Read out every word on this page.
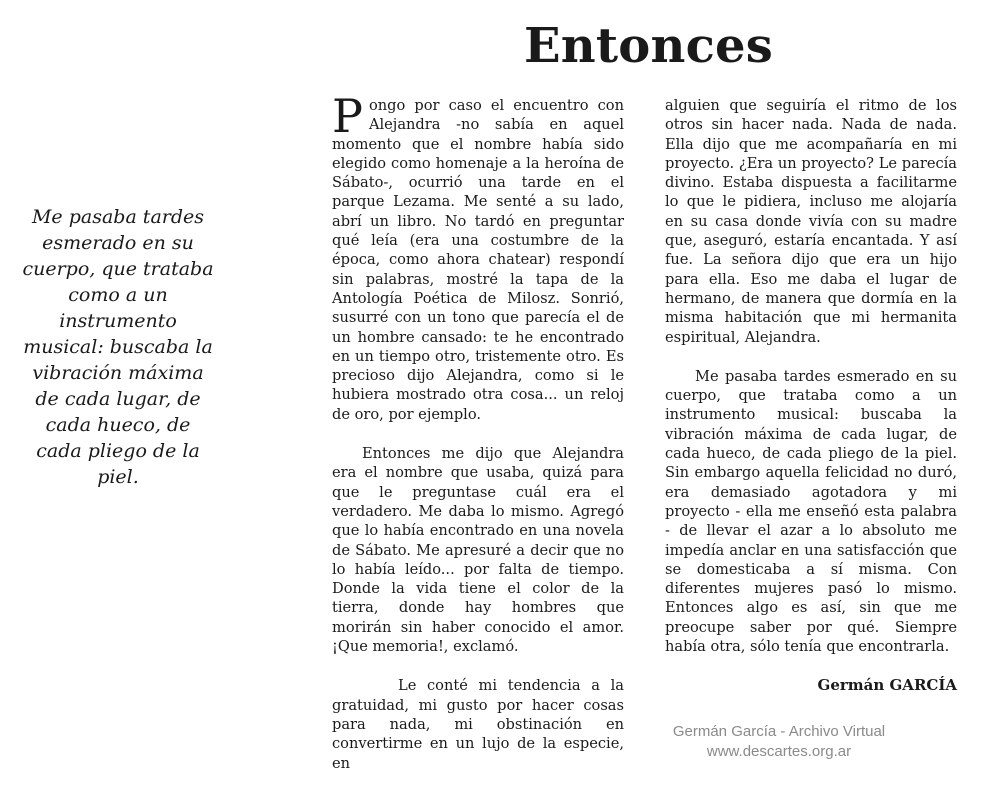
Entonces
Me pasaba tardes esmerado en su cuerpo, que trataba como a un instrumento musical: buscaba la vibración máxima de cada lugar, de cada hueco, de cada pliego de la piel.

Pongo por caso el encuentro con Alejandra -no sabía en aquel momento que el nombre había sido elegido como homenaje a la heroína de Sábato-, ocurrió una tarde en el parque Lezama. Me senté a su lado, abrí un libro. No tardó en preguntar qué leía (era una costumbre de la época, como ahora chatear) respondí sin palabras, mostré la tapa de la Antología Poética de Milosz. Sonrió, susurré con un tono que parecía el de un hombre cansado: te he encontrado en un tiempo otro, tristemente otro. Es precioso dijo Alejandra, como si le hubiera mostrado otra cosa... un reloj de oro, por ejemplo.

Entonces me dijo que Alejandra era el nombre que usaba, quizá para que le preguntase cuál era el verdadero. Me daba lo mismo. Agregó que lo había encontrado en una novela de Sábato. Me apresuré a decir que no lo había leído... por falta de tiempo. Donde la vida tiene el color de la tierra, donde hay hombres que morirán sin haber conocido el amor. ¡Que memoria!, exclamó.

Le conté mi tendencia a la gratuidad, mi gusto por hacer cosas para nada, mi obstinación en convertirme en un lujo de la especie, en

alguien que seguiría el ritmo de los otros sin hacer nada. Nada de nada. Ella dijo que me acompañaría en mi proyecto. ¿Era un proyecto? Le parecía divino. Estaba dispuesta a facilitarme lo que le pidiera, incluso me alojaría en su casa donde vivía con su madre que, aseguró, estaría encantada. Y así fue. La señora dijo que era un hijo para ella. Eso me daba el lugar de hermano, de manera que dormía en la misma habitación que mi hermanita espiritual, Alejandra.

Me pasaba tardes esmerado en su cuerpo, que trataba como a un instrumento musical: buscaba la vibración máxima de cada lugar, de cada hueco, de cada pliego de la piel. Sin embargo aquella felicidad no duró, era demasiado agotadora y mi proyecto - ella me enseñó esta palabra - de llevar el azar a lo absoluto me impedía anclar en una satisfacción que se domesticaba a sí misma. Con diferentes mujeres pasó lo mismo. Entonces algo es así, sin que me preocupe saber por qué. Siempre había otra, sólo tenía que encontrarla.

Germán GARCÍA
Germán García - Archivo Virtual
www.descartes.org.ar
